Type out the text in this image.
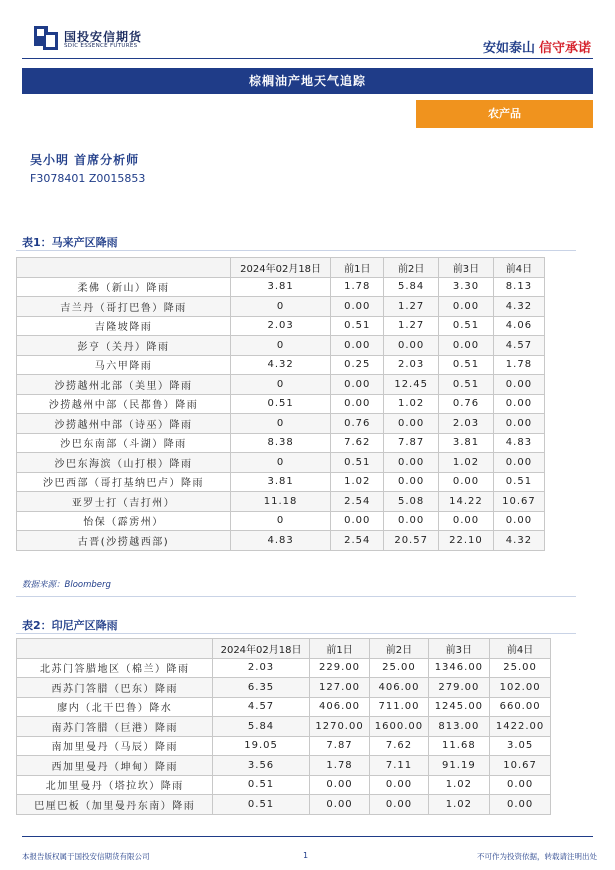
国投安信期货
SDIC ESSENCE FUTURES	安如泰山 信守承诺
棕榈油产地天气追踪
农产品
吴小明 首席分析师
F3078401 Z0015853
表1：马来产区降雨
	2024年02月18日	前1日	前2日	前3日	前4日
柔佛（新山）降雨	3.81	1.78	5.84	3.30	8.13
吉兰丹（哥打巴鲁）降雨	0	0.00	1.27	0.00	4.32
吉隆坡降雨	2.03	0.51	1.27	0.51	4.06
彭亨（关丹）降雨	0	0.00	0.00	0.00	4.57
马六甲降雨	4.32	0.25	2.03	0.51	1.78
沙捞越州北部（美里）降雨	0	0.00	12.45	0.51	0.00
沙捞越州中部（民都鲁）降雨	0.51	0.00	1.02	0.76	0.00
沙捞越州中部（诗巫）降雨	0	0.76	0.00	2.03	0.00
沙巴东南部（斗湖）降雨	8.38	7.62	7.87	3.81	4.83
沙巴东海滨（山打根）降雨	0	0.51	0.00	1.02	0.00
沙巴西部（哥打基纳巴卢）降雨	3.81	1.02	0.00	0.00	0.51
亚罗士打（吉打州）	11.18	2.54	5.08	14.22	10.67
怡保（霹雳州）	0	0.00	0.00	0.00	0.00
古晋(沙捞越西部)	4.83	2.54	20.57	22.10	4.32
数据来源：Bloomberg
表2：印尼产区降雨
	2024年02月18日	前1日	前2日	前3日	前4日
北苏门答腊地区（棉兰）降雨	2.03	229.00	25.00	1346.00	25.00
西苏门答腊（巴东）降雨	6.35	127.00	406.00	279.00	102.00
廖内（北干巴鲁）降水	4.57	406.00	711.00	1245.00	660.00
南苏门答腊（巨港）降雨	5.84	1270.00	1600.00	813.00	1422.00
南加里曼丹（马辰）降雨	19.05	7.87	7.62	11.68	3.05
西加里曼丹（坤甸）降雨	3.56	1.78	7.11	91.19	10.67
北加里曼丹（塔拉坎）降雨	0.51	0.00	0.00	1.02	0.00
巴厘巴板（加里曼丹东南）降雨	0.51	0.00	0.00	1.02	0.00
本报告版权属于国投安信期货有限公司	1	不可作为投资依据，转载请注明出处
